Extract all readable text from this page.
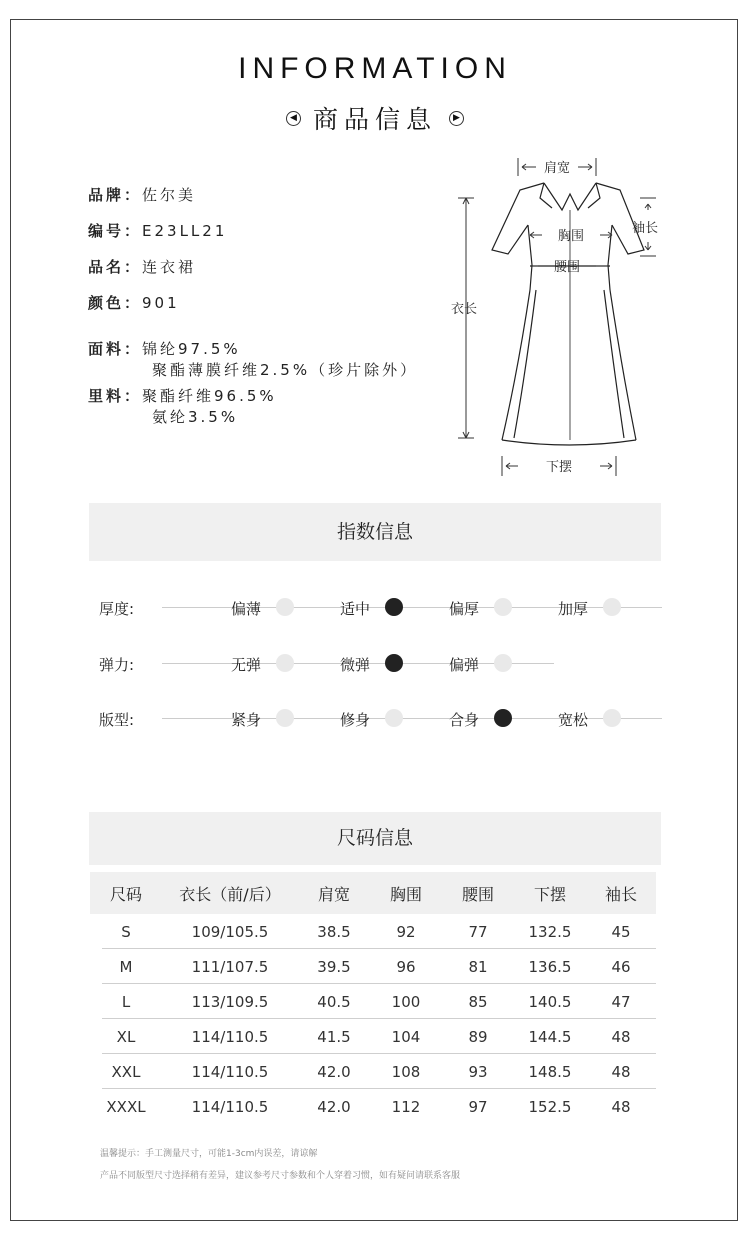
INFORMATION
◀ 商品信息 ▶
品牌：佐尔美
编号：E23LL21
品名：连衣裙
颜色：901
面料：锦纶97.5%
聚酯薄膜纤维2.5%（珍片除外）
里料：聚酯纤维96.5%
氨纶3.5%
肩宽
袖长
胸围
腰围
衣长
下摆
指数信息
厚度:	偏薄	适中	偏厚	加厚
弹力:	无弹	微弹	偏弹
版型:	紧身	修身	合身	宽松
尺码信息
尺码	衣长（前/后）	肩宽	胸围	腰围	下摆	袖长
S	109/105.5	38.5	92	77	132.5	45
M	111/107.5	39.5	96	81	136.5	46
L	113/109.5	40.5	100	85	140.5	47
XL	114/110.5	41.5	104	89	144.5	48
XXL	114/110.5	42.0	108	93	148.5	48
XXXL	114/110.5	42.0	112	97	152.5	48
温馨提示：手工测量尺寸，可能1-3cm内误差，请谅解
产品不同版型尺寸选择稍有差异，建议参考尺寸参数和个人穿着习惯，如有疑问请联系客服
